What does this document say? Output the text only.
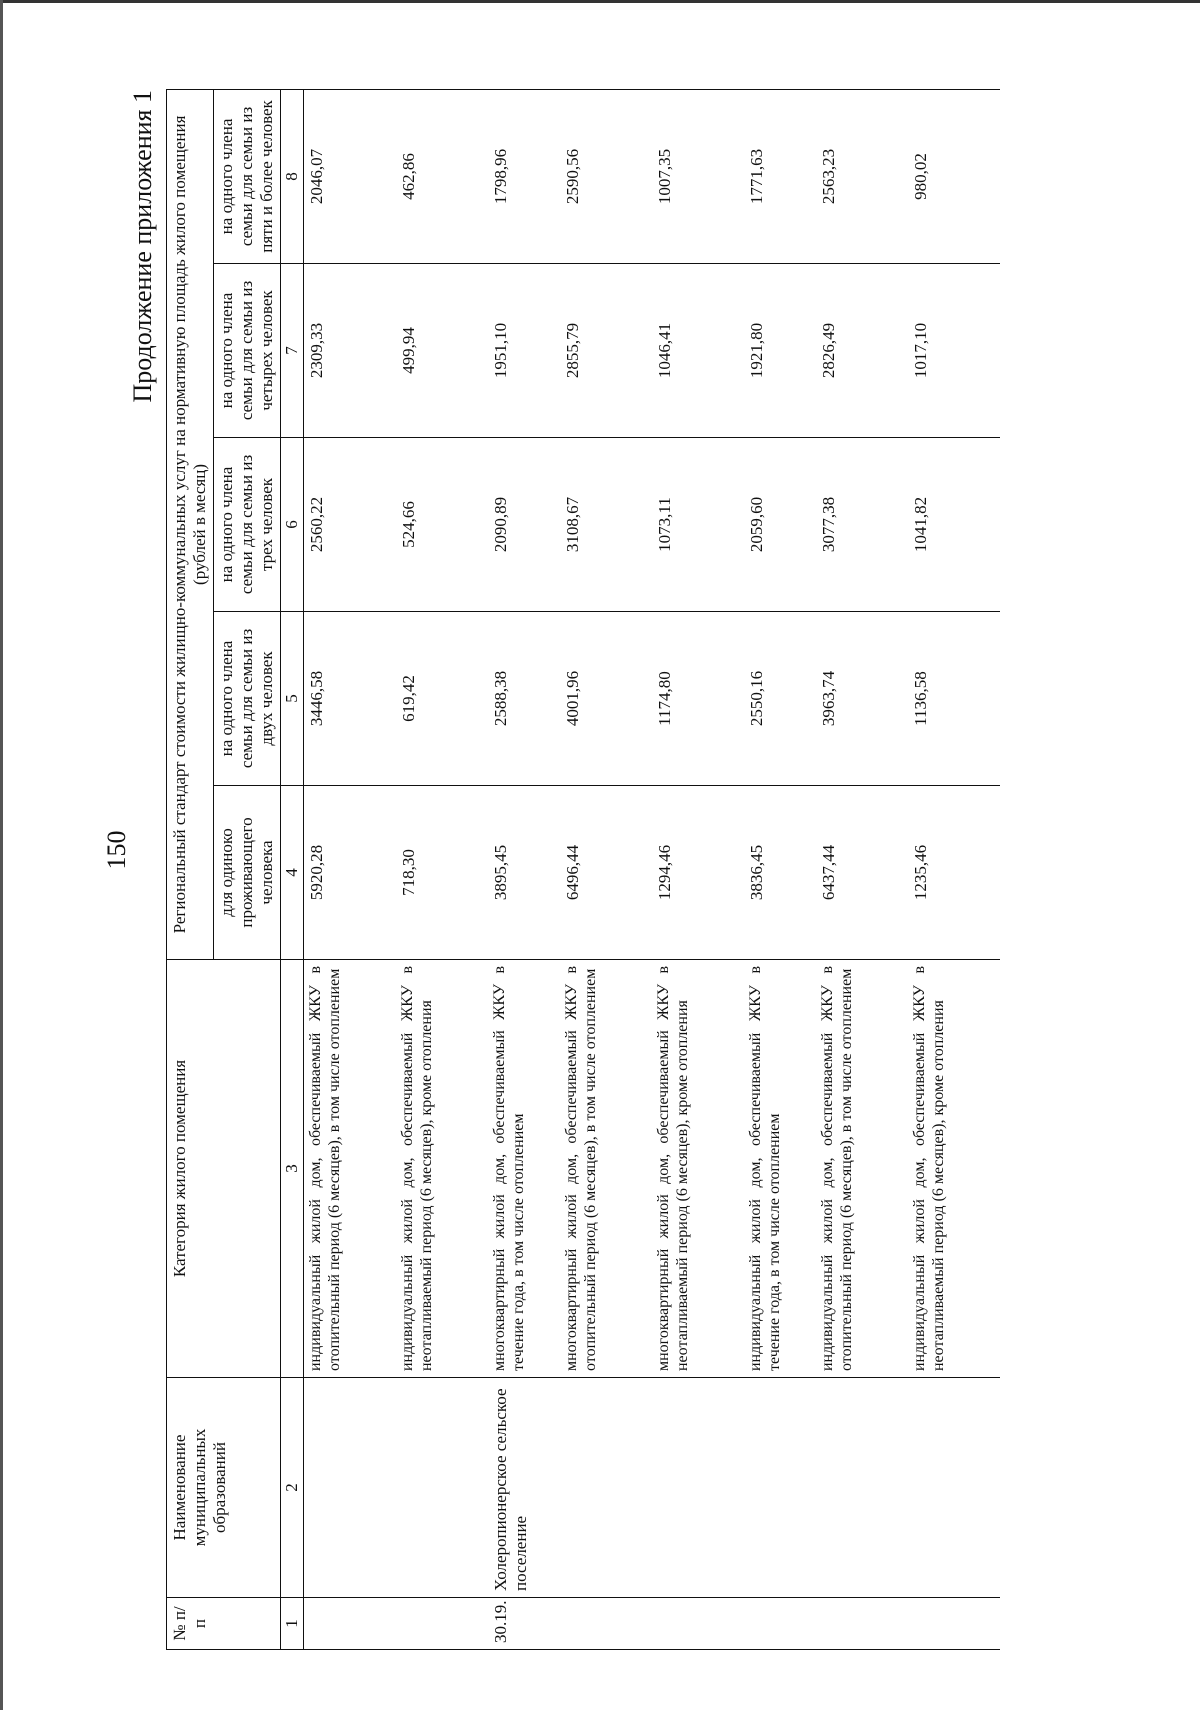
150
Продолжение приложения 1
№ п/п	Наименование муниципальных образований	Категория жилого помещения	Региональный стандарт стоимости жилищно-коммунальных услуг на нормативную площадь жилого помещения (рублей в месяц)				
			для одиноко проживающего человека	на одного члена семьи для семьи из двух человек	на одного члена семьи для семьи из трех человек	на одного члена семьи для семьи из четырех человек	на одного члена семьи для семьи из пяти и более человек
1	2	3	4	5	6	7	8
		индивидуальный жилой дом, обеспечиваемый ЖКУ в отопительный период (6 месяцев), в том числе отоплением	5920,28	3446,58	2560,22	2309,33	2046,07
		индивидуальный жилой дом, обеспечиваемый ЖКУ в неотапливаемый период (6 месяцев), кроме отопления	718,30	619,42	524,66	499,94	462,86
30.19.	Холеропионерское сельское поселение	многоквартирный жилой дом, обеспечиваемый ЖКУ в течение года, в том числе отоплением	3895,45	2588,38	2090,89	1951,10	1798,96
		многоквартирный жилой дом, обеспечиваемый ЖКУ в отопительный период (6 месяцев), в том числе отоплением	6496,44	4001,96	3108,67	2855,79	2590,56
		многоквартирный жилой дом, обеспечиваемый ЖКУ в неотапливаемый период (6 месяцев), кроме отопления	1294,46	1174,80	1073,11	1046,41	1007,35
		индивидуальный жилой дом, обеспечиваемый ЖКУ в течение года, в том числе отоплением	3836,45	2550,16	2059,60	1921,80	1771,63
		индивидуальный жилой дом, обеспечиваемый ЖКУ в отопительный период (6 месяцев), в том числе отоплением	6437,44	3963,74	3077,38	2826,49	2563,23
		индивидуальный жилой дом, обеспечиваемый ЖКУ в неотапливаемый период (6 месяцев), кроме отопления	1235,46	1136,58	1041,82	1017,10	980,02
